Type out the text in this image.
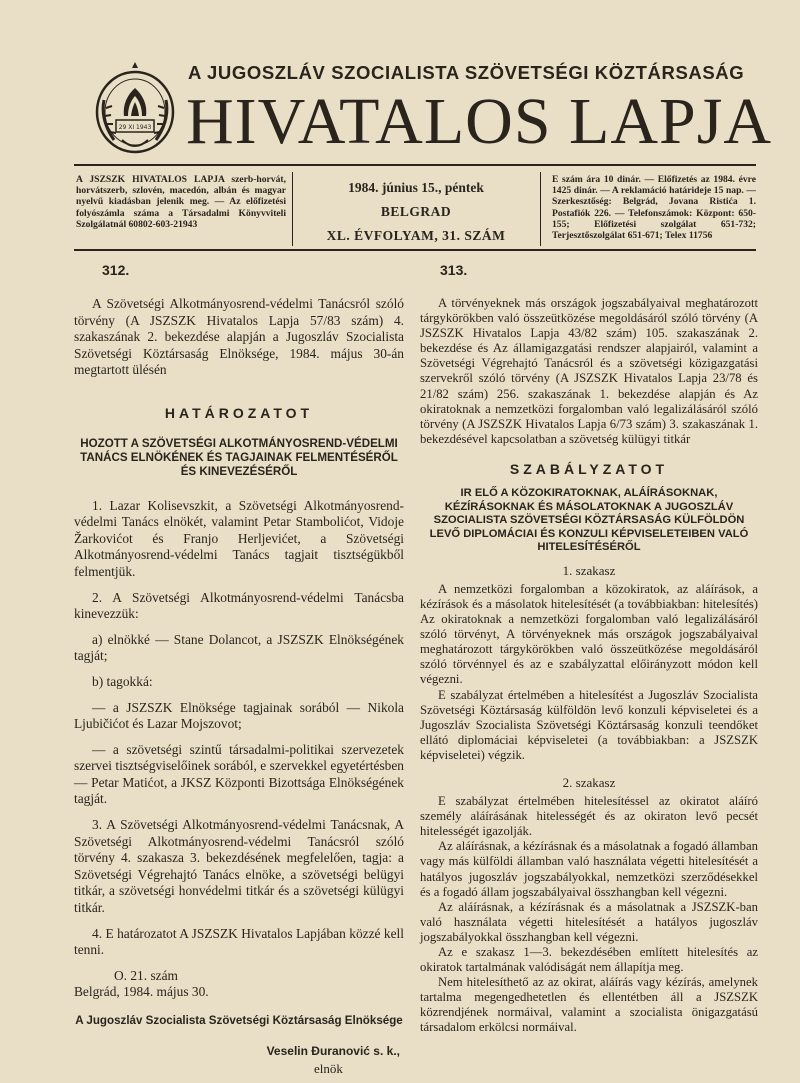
29 XI 1943
A JUGOSZLÁV SZOCIALISTA SZÖVETSÉGI KÖZTÁRSASÁG
HIVATALOS LAPJA
A JSZSZK HIVATALOS LAPJA szerb-horvát, horvátszerb, szlovén, macedón, albán és magyar nyelvű kiadásban jelenik meg. — Az előfizetési folyószámla száma a Társadalmi Könyvviteli Szolgálatnál 60802-603-21943
1984. június 15., péntek
BELGRAD
XL. ÉVFOLYAM, 31. SZÁM
E szám ára 10 dinár. — Előfizetés az 1984. évre 1425 dinár. — A reklamáció határideje 15 nap. — Szerkesztőség: Belgrád, Jovana Ristića 1. Postafiók 226. — Telefonszámok: Központ: 650-155; Előfizetési szolgálat 651-732; Terjesztőszolgálat 651-671; Telex 11756
312.

A Szövetségi Alkotmányosrend-védelmi Tanácsról szóló törvény (A JSZSZK Hivatalos Lapja 57/83 szám) 4. szakaszának 2. bekezdése alapján a Jugoszláv Szocialista Szövetségi Köztársaság Elnöksége, 1984. május 30-án megtartott ülésén

HATÁROZATOT
HOZOTT A SZÖVETSÉGI ALKOTMÁNYOSREND-VÉDELMI TANÁCS ELNÖKÉNEK ÉS TAGJAINAK FELMENTÉSÉRŐL ÉS KINEVEZÉSÉRŐL

1. Lazar Kolisevszkit, a Szövetségi Alkotmányosrend-védelmi Tanács elnökét, valamint Petar Stambolićot, Vidoje Žarkovićot és Franjo Herljevićet, a Szövetségi Alkotmányosrend-védelmi Tanács tagjait tisztségükből felmentjük.

2. A Szövetségi Alkotmányosrend-védelmi Tanácsba kinevezzük:

a) elnökké — Stane Dolancot, a JSZSZK Elnökségének tagját;

b) tagokká:

— a JSZSZK Elnöksége tagjainak sorából — Nikola Ljubičićot és Lazar Mojszovot;

— a szövetségi szintű társadalmi-politikai szervezetek szervei tisztségviselőinek sorából, e szervekkel egyetértésben — Petar Matićot, a JKSZ Központi Bizottsága Elnökségének tagját.

3. A Szövetségi Alkotmányosrend-védelmi Tanácsnak, A Szövetségi Alkotmányosrend-védelmi Tanácsról szóló törvény 4. szakasza 3. bekezdésének megfelelően, tagja: a Szövetségi Végrehajtó Tanács elnöke, a szövetségi belügyi titkár, a szövetségi honvédelmi titkár és a szövetségi külügyi titkár.

4. E határozatot A JSZSZK Hivatalos Lapjában közzé kell tenni.

O. 21. szám

Belgrád, 1984. május 30.

A Jugoszláv Szocialista Szövetségi Köztársaság Elnöksége
Veselin Đuranović s. k.,
elnök
313.

A törvényeknek más országok jogszabályaival meghatározott tárgykörökben való összeütközése megoldásáról szóló törvény (A JSZSZK Hivatalos Lapja 43/82 szám) 105. szakaszának 2. bekezdése és Az államigazgatási rendszer alapjairól, valamint a Szövetségi Végrehajtó Tanácsról és a szövetségi közigazgatási szervekről szóló törvény (A JSZSZK Hivatalos Lapja 23/78 és 21/82 szám) 256. szakaszának 1. bekezdése alapján és Az okiratoknak a nemzetközi forgalomban való legalizálásáról szóló törvény (A JSZSZK Hivatalos Lapja 6/73 szám) 3. szakaszának 1. bekezdésével kapcsolatban a szövetség külügyi titkár

SZABÁLYZATOT
IR ELŐ A KÖZOKIRATOKNAK, ALÁÍRÁSOKNAK, KÉZÍRÁSOKNAK ÉS MÁSOLATOKNAK A JUGOSZLÁV SZOCIALISTA SZÖVETSÉGI KÖZTÁRSASÁG KÜLFÖLDÖN LEVŐ DIPLOMÁCIAI ÉS KONZULI KÉPVISELETEIBEN VALÓ HITELESÍTÉSÉRŐL
1. szakasz

A nemzetközi forgalomban a közokiratok, az aláírások, a kézírások és a másolatok hitelesítését (a továbbiakban: hitelesítés) Az okiratoknak a nemzetközi forgalomban való legalizálásáról szóló törvényt, A törvényeknek más országok jogszabályaival meghatározott tárgykörökben való összeütközése megoldásáról szóló törvénnyel és az e szabályzattal előirányzott módon kell végezni.

E szabályzat értelmében a hitelesítést a Jugoszláv Szocialista Szövetségi Köztársaság külföldön levő konzuli képviseletei és a Jugoszláv Szocialista Szövetségi Köztársaság konzuli teendőket ellátó diplomáciai képviseletei (a továbbiakban: a JSZSZK képviseletei) végzik.

2. szakasz

E szabályzat értelmében hitelesítéssel az okiratot aláíró személy aláírásának hitelességét és az okiraton levő pecsét hitelességét igazolják.

Az aláírásnak, a kézírásnak és a másolatnak a fogadó államban vagy más külföldi államban való használata végetti hitelesítését a hatályos jugoszláv jogszabályokkal, nemzetközi szerződésekkel és a fogadó állam jogszabályaival összhangban kell végezni.

Az aláírásnak, a kézírásnak és a másolatnak a JSZSZK-ban való használata végetti hitelesítését a hatályos jugoszláv jogszabályokkal összhangban kell végezni.

Az e szakasz 1—3. bekezdésében említett hitelesítés az okiratok tartalmának valódiságát nem állapítja meg.

Nem hitelesíthető az az okirat, aláírás vagy kézírás, amelynek tartalma megengedhetetlen és ellentétben áll a JSZSZK közrendjének normáival, valamint a szocialista önigazgatású társadalom erkölcsi normáival.
